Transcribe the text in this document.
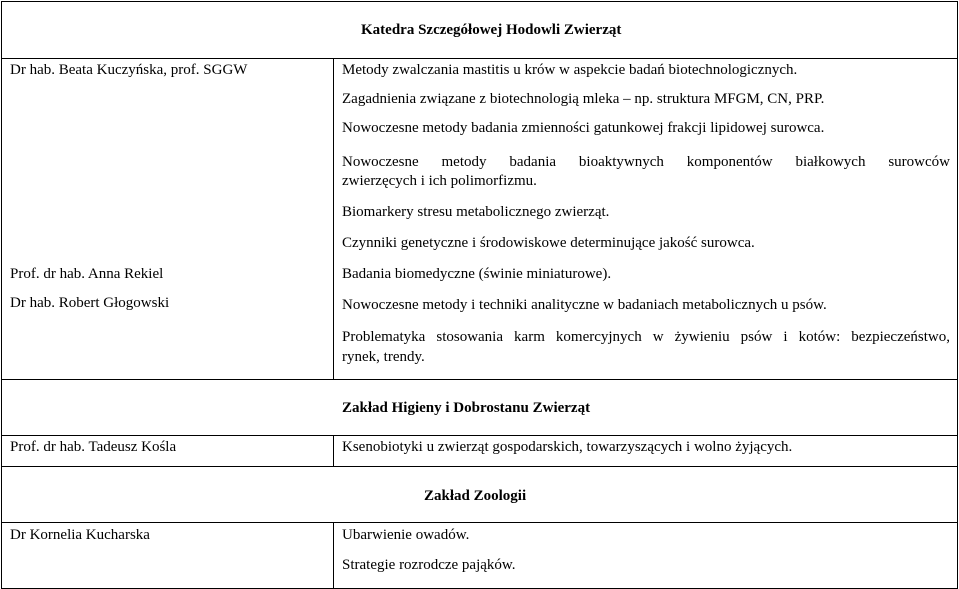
Katedra Szczegółowej Hodowli Zwierząt
Dr hab. Beata Kuczyńska, prof. SGGW
Prof. dr hab. Anna Rekiel
Dr hab. Robert Głogowski
Metody zwalczania mastitis u krów w aspekcie badań biotechnologicznych.
Zagadnienia związane z biotechnologią mleka – np. struktura MFGM, CN, PRP.
Nowoczesne metody badania zmienności gatunkowej frakcji lipidowej surowca.
Nowoczesne metody badania bioaktywnych komponentów białkowych surowców
zwierzęcych i ich polimorfizmu.
Biomarkery stresu metabolicznego zwierząt.
Czynniki genetyczne i środowiskowe determinujące jakość surowca.
Badania biomedyczne (świnie miniaturowe).
Nowoczesne metody i techniki analityczne w badaniach metabolicznych u psów.
Problematyka stosowania karm komercyjnych w żywieniu psów i kotów: bezpieczeństwo,
rynek, trendy.
Zakład Higieny i Dobrostanu Zwierząt
Prof. dr hab. Tadeusz Kośla	Ksenobiotyki u zwierząt gospodarskich, towarzyszących i wolno żyjących.
Zakład Zoologii
Dr Kornelia Kucharska	Ubarwienie owadów.
Strategie rozrodcze pająków.
